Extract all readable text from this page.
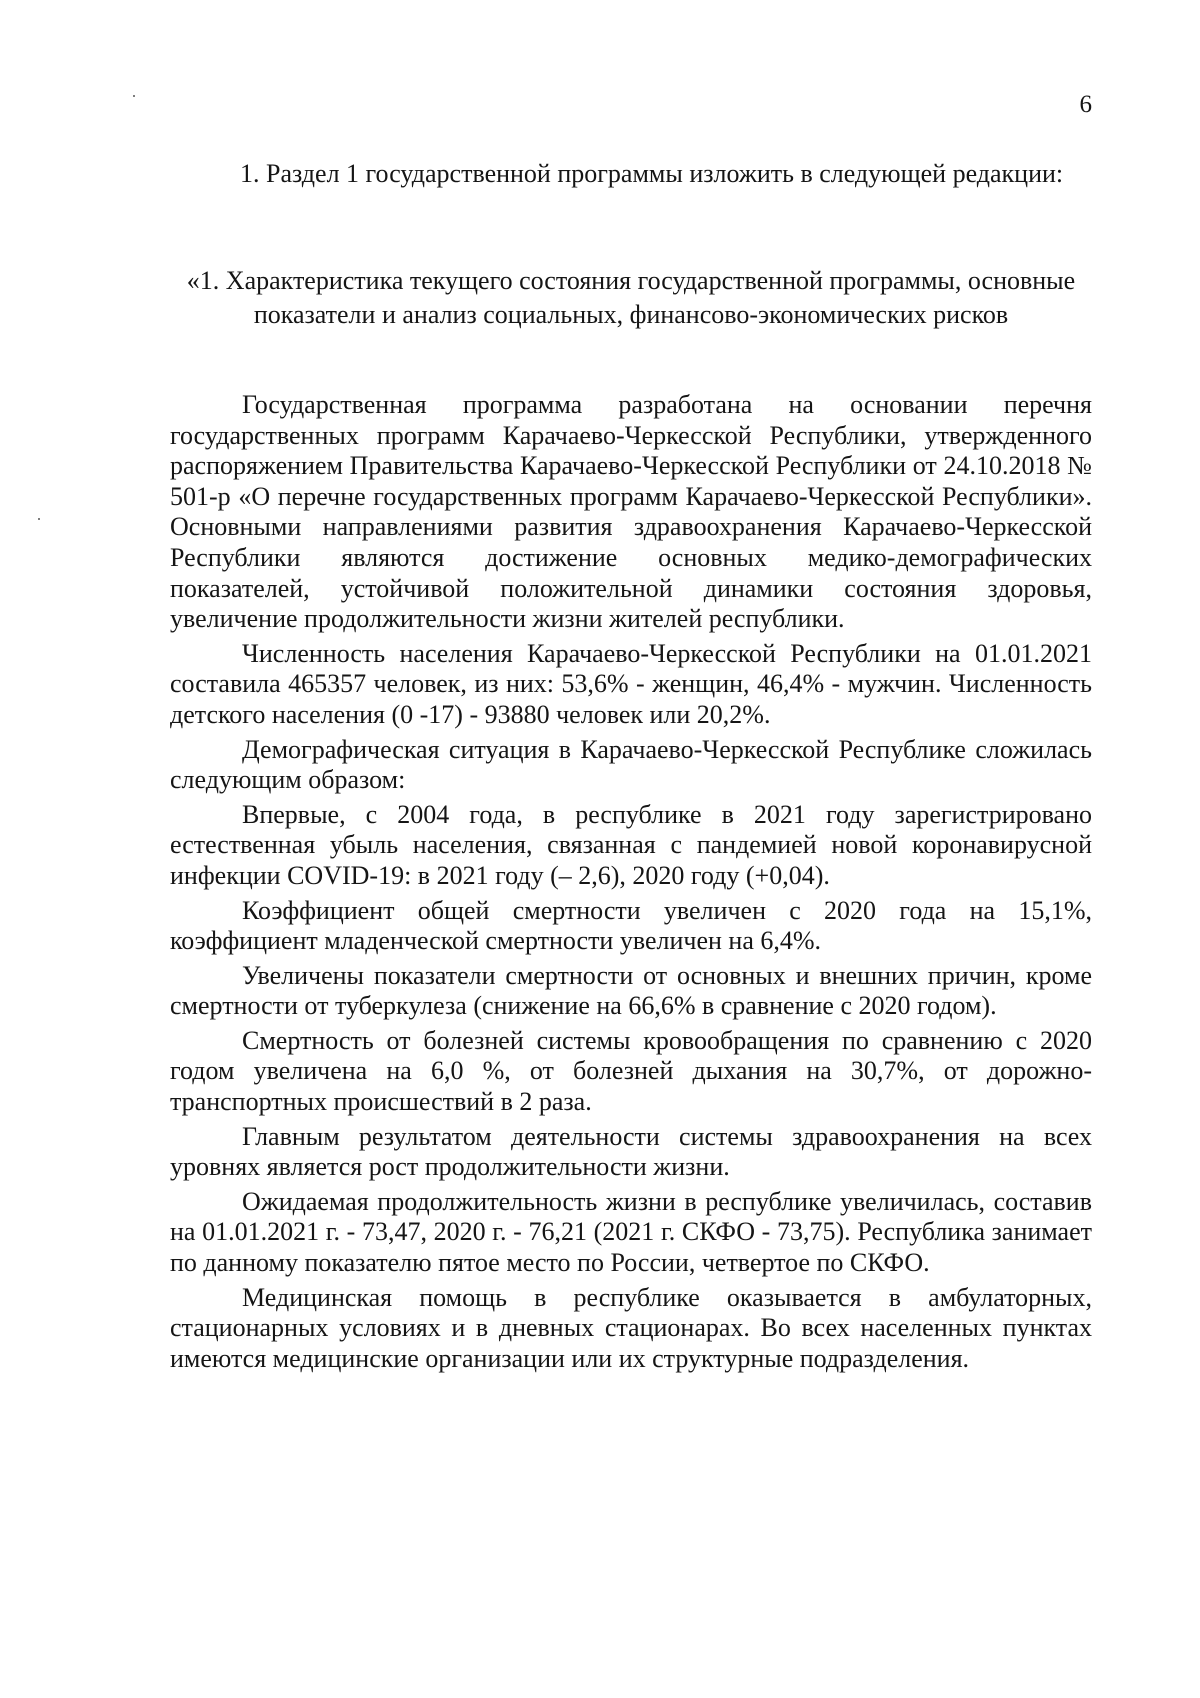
6

1. Раздел 1 государственной программы изложить в следующей редакции:

«1. Характеристика текущего состояния государственной программы, основные показатели и анализ социальных, финансово-экономических рисков

Государственная программа разработана на основании перечня государственных программ Карачаево-Черкесской Республики, утвержденного распоряжением Правительства Карачаево-Черкесской Республики от 24.10.2018 № 501-р «О перечне государственных программ Карачаево-Черкесской Республики». Основными направлениями развития здравоохранения Карачаево-Черкесской Республики являются достижение основных медико-демографических показателей, устойчивой положительной динамики состояния здоровья, увеличение продолжительности жизни жителей республики.

Численность населения Карачаево-Черкесской Республики на 01.01.2021 составила 465357 человек, из них: 53,6% - женщин, 46,4% - мужчин. Численность детского населения (0 -17) - 93880 человек или 20,2%.

Демографическая ситуация в Карачаево-Черкесской Республике сложилась следующим образом:

Впервые, с 2004 года, в республике в 2021 году зарегистрировано естественная убыль населения, связанная с пандемией новой коронавирусной инфекции COVID-19: в 2021 году (– 2,6), 2020 году (+0,04).

Коэффициент общей смертности увеличен с 2020 года на 15,1%, коэффициент младенческой смертности увеличен на 6,4%.

Увеличены показатели смертности от основных и внешних причин, кроме смертности от туберкулеза (снижение на 66,6% в сравнение с 2020 годом).

Смертность от болезней системы кровообращения по сравнению с 2020 годом увеличена на 6,0 %, от болезней дыхания на 30,7%, от дорожно-транспортных происшествий в 2 раза.

Главным результатом деятельности системы здравоохранения на всех уровнях является рост продолжительности жизни.

Ожидаемая продолжительность жизни в республике увеличилась, составив на 01.01.2021 г. - 73,47, 2020 г. - 76,21 (2021 г. СКФО - 73,75). Республика занимает по данному показателю пятое место по России, четвертое по СКФО.

Медицинская помощь в республике оказывается в амбулаторных, стационарных условиях и в дневных стационарах. Во всех населенных пунктах имеются медицинские организации или их структурные подразделения.
